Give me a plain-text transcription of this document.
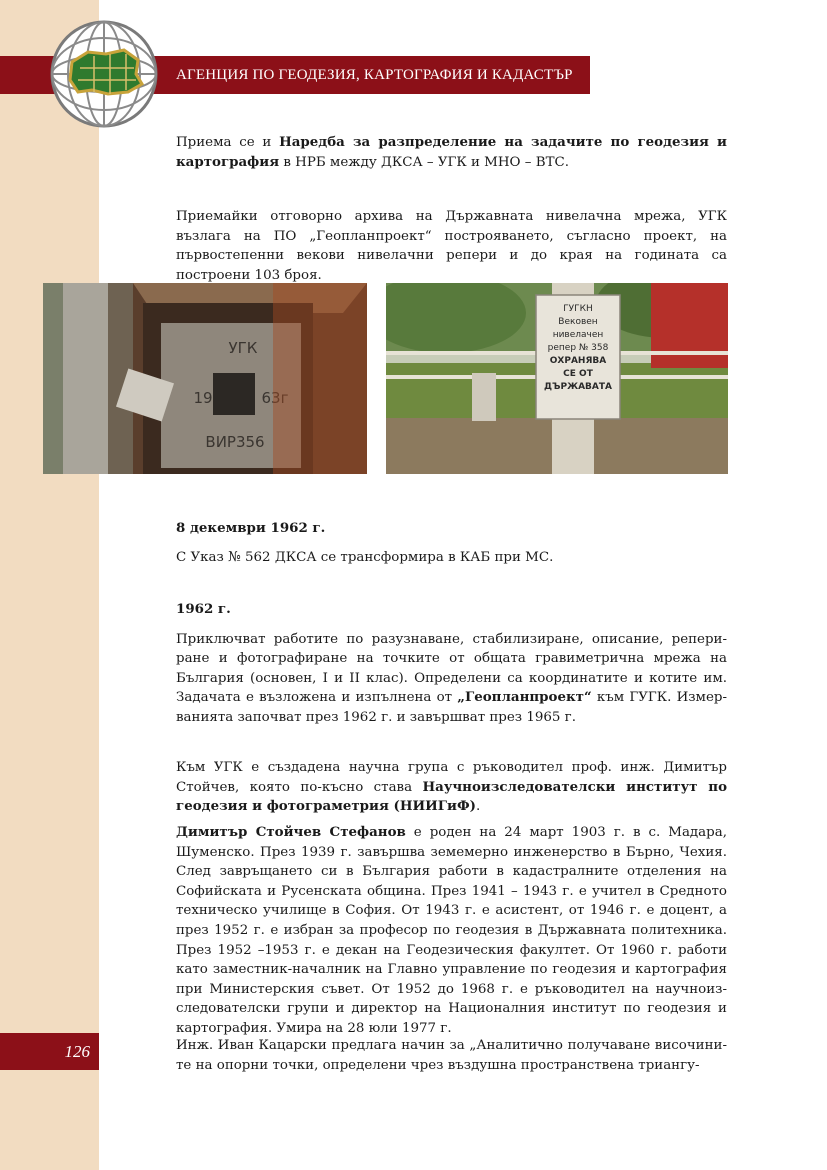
АГЕНЦИЯ ПО ГЕОДЕЗИЯ, КАРТОГРАФИЯ И КАДАСТЪР

Приема се и Наредба за разпределение на задачите по геодезия и картография в НРБ между ДКСА – УГК и МНО – ВТС.

Приемайки отговорно архива на Държавната нивелачна мрежа, УГК възлага на ПО „Геопланпроект“ построяването, съгласно проект, на първостепенни векови нивелачни репери и до края на годината са построени 103 броя.

УГК
19	63г
ВИР356
ГУГКН
Вековен
нивелачен
репер № 358
ОХРАНЯВА
СЕ ОТ
ДЪРЖАВАТА

8 декември 1962 г.

С Указ № 562 ДКСА се трансформира в КАБ при МС.

1962 г.

Приключват работите по разузнаване, стабилизиране, описание, репериране и фотографиране на точките от общата гравиметрична мрежа на България (основен, I и II клас). Определени са координатите и котите им. Задачата е възложена и изпълнена от „Геопланпроект“ към ГУГК. Измерванията започват през 1962 г. и завършват през 1965 г.

Към УГК е създадена научна група с ръководител проф. инж. Димитър Стойчев, която по-късно става Научноизследователски институт по геодезия и фотограметрия (НИИГиФ).

Димитър Стойчев Стефанов е роден на 24 март 1903 г. в с. Мадара, Шуменско. През 1939 г. завършва земемерно инженерство в Бърно, Чехия. След завръщането си в България работи в кадастралните отделения на Софийската и Русенската община. През 1941 – 1943 г. е учител в Средното техническо училище в София. От 1943 г. е асистент, от 1946 г. е доцент, а през 1952 г. е избран за професор по геодезия в Държавната политехника. През 1952 –1953 г. е декан на Геодезическия факултет. От 1960 г. работи като заместник-началник на Главно управление по геодезия и картография при Министерския съвет. От 1952 до 1968 г. е ръководител на научноизследователски групи и директор на Националния институт по геодезия и картография. Умира на 28 юли 1977 г.

Инж. Иван Кацарски предлага начин за „Аналитично получаване височините на опорни точки, определени чрез въздушна пространствена триангу-

126
